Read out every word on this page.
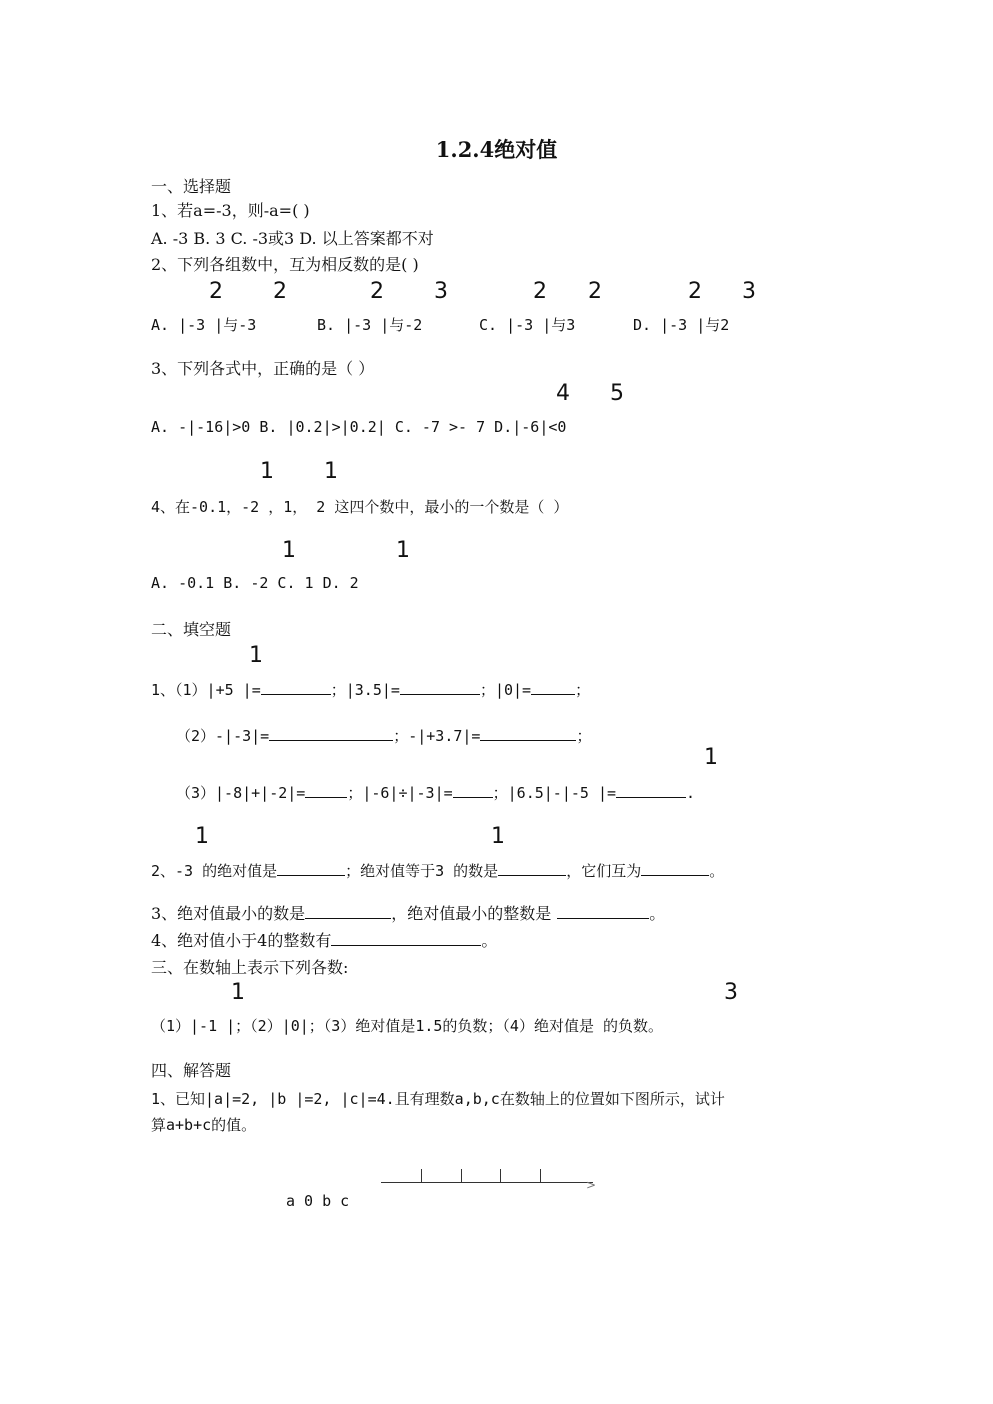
1.2.4绝对值
一、选择题
1、若a=-3，则-a=( )
A. -3 B. 3 C. -3或3 D. 以上答案都不对
2、下列各组数中，互为相反数的是( )
A. |-3 |与-3	B. |-3 |与-2	C. |-3 |与3	D. |-3 |与2
2 2	2 3	2 2	2 3
3、下列各式中，正确的是（ ）
A. -|-16|>0 B. |0.2|>|0.2| C. -7 >- 7 D.|-6|<0
4 5
4、在-0.1，-2 ，1， 2 这四个数中，最小的一个数是（ ）
1 1
A. -0.1 B. -2 C. 1 D. 2
1	1
二、填空题
1、（1）|+5 |=	；|3.5|=	；|0|=	；
1
（2）-|-3|=	；-|+3.7|=	；
（3）|-8|+|-2|=	；|-6|÷|-3|=	；|6.5|-|-5 |=	.
1
2、-3 的绝对值是	；绝对值等于3 的数是	，它们互为	。
1	1
3、绝对值最小的数是	，绝对值最小的整数是	。
4、绝对值小于4的整数有	。
三、在数轴上表示下列各数:
（1）|-1 |；（2）|0|；（3）绝对值是1.5的负数；（4）绝对值是 的负数。
1	3
四、解答题
1、已知|a|=2, |b |=2, |c|=4.且有理数a,b,c在数轴上的位置如下图所示，试计
算a+b+c的值。
>
a 0 b c
